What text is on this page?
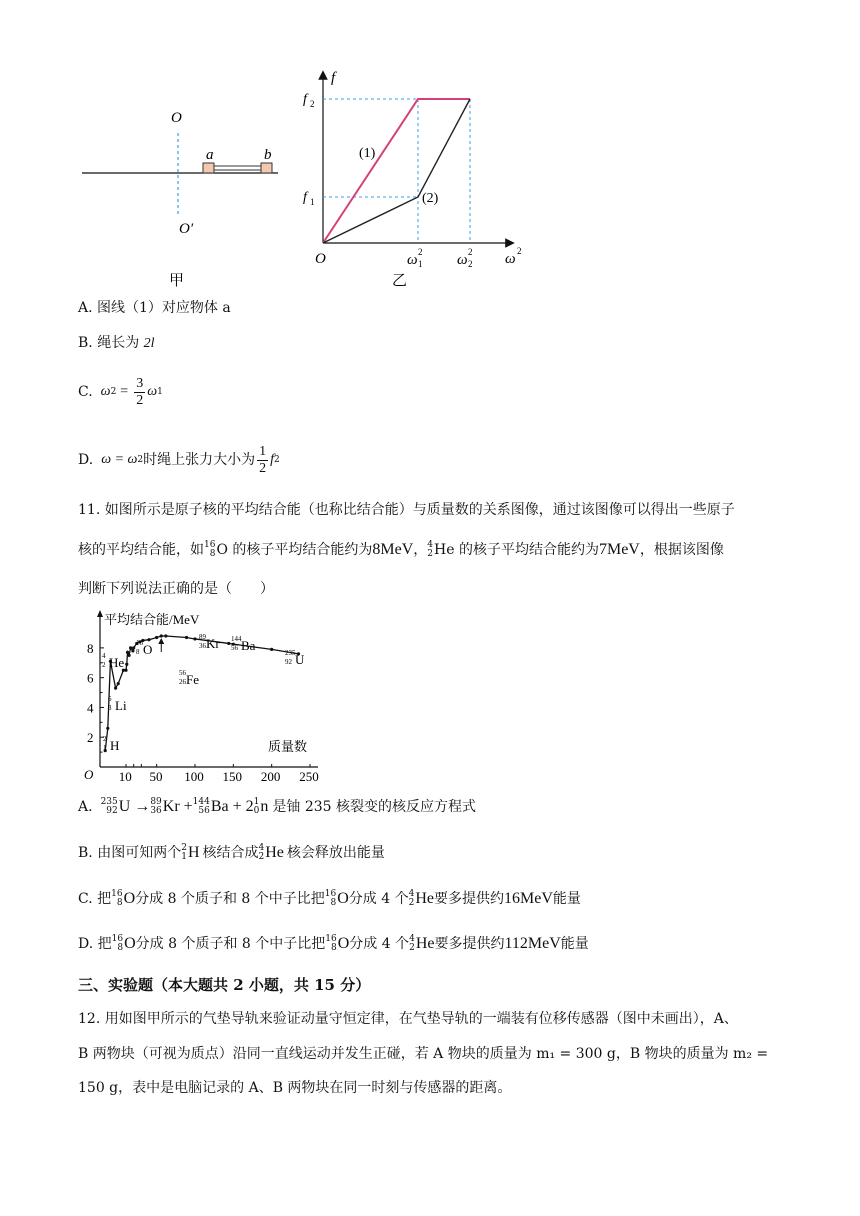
O
O′
a	b
甲
f
f 2
f 1
O	ω 2
1 ω 2
2 ω 2
(1)
(2)
乙
A. 图线（1）对应物体 a
B. 绳长为 2l
C. ω $2 = \frac{3}{2}$ ω 1
D. ω = ω 2 时绳上张力大小为 $\frac{1}{2}$ f 2
11. 如图所示是原子核的平均结合能（也称比结合能）与质量数的关系图像，通过该图像可以得出一些原子
核的平均结合能，如 16
8 O 的核子平均结合能约为 8MeV ， 4
2 He 的核子平均结合能约为 7MeV ，根据该图像
判断下列说法正确的是（　　）
平均结合能/MeV
质量数
O
2
4
6
8
10 50 100 150 200 250
4
2 He
6
3 Li
2
1 H
16
8 O
89
36 Kr 144
56 Ba	235
92 U
56
26 Fe
A. 235
92 U → 89
36 Kr + 144
56 Ba + 2 1
0 n 是铀 235 核裂变的核反应方程式
B. 由图可知两个 2
1 H 核结合成 4
2 He 核会释放出能量
C. 把 16
8 O 分成 8 个质子和 8 个中子比把 16
8 O 分成 4 个 4
2 He 要多提供约 16MeV 能量
D. 把 16
8 O 分成 8 个质子和 8 个中子比把 16
8 O 分成 4 个 4
2 He 要多提供约 112MeV 能量
三、实验题（本大题共 2 小题，共 15 分）
12. 用如图甲所示的气垫导轨来验证动量守恒定律，在气垫导轨的一端装有位移传感器（图中未画出），A、
B 两物块（可视为质点）沿同一直线运动并发生正碰，若 A 物块的质量为 m₁ = 300 g，B 物块的质量为 m₂ =
150 g，表中是电脑记录的 A、B 两物块在同一时刻与传感器的距离。
